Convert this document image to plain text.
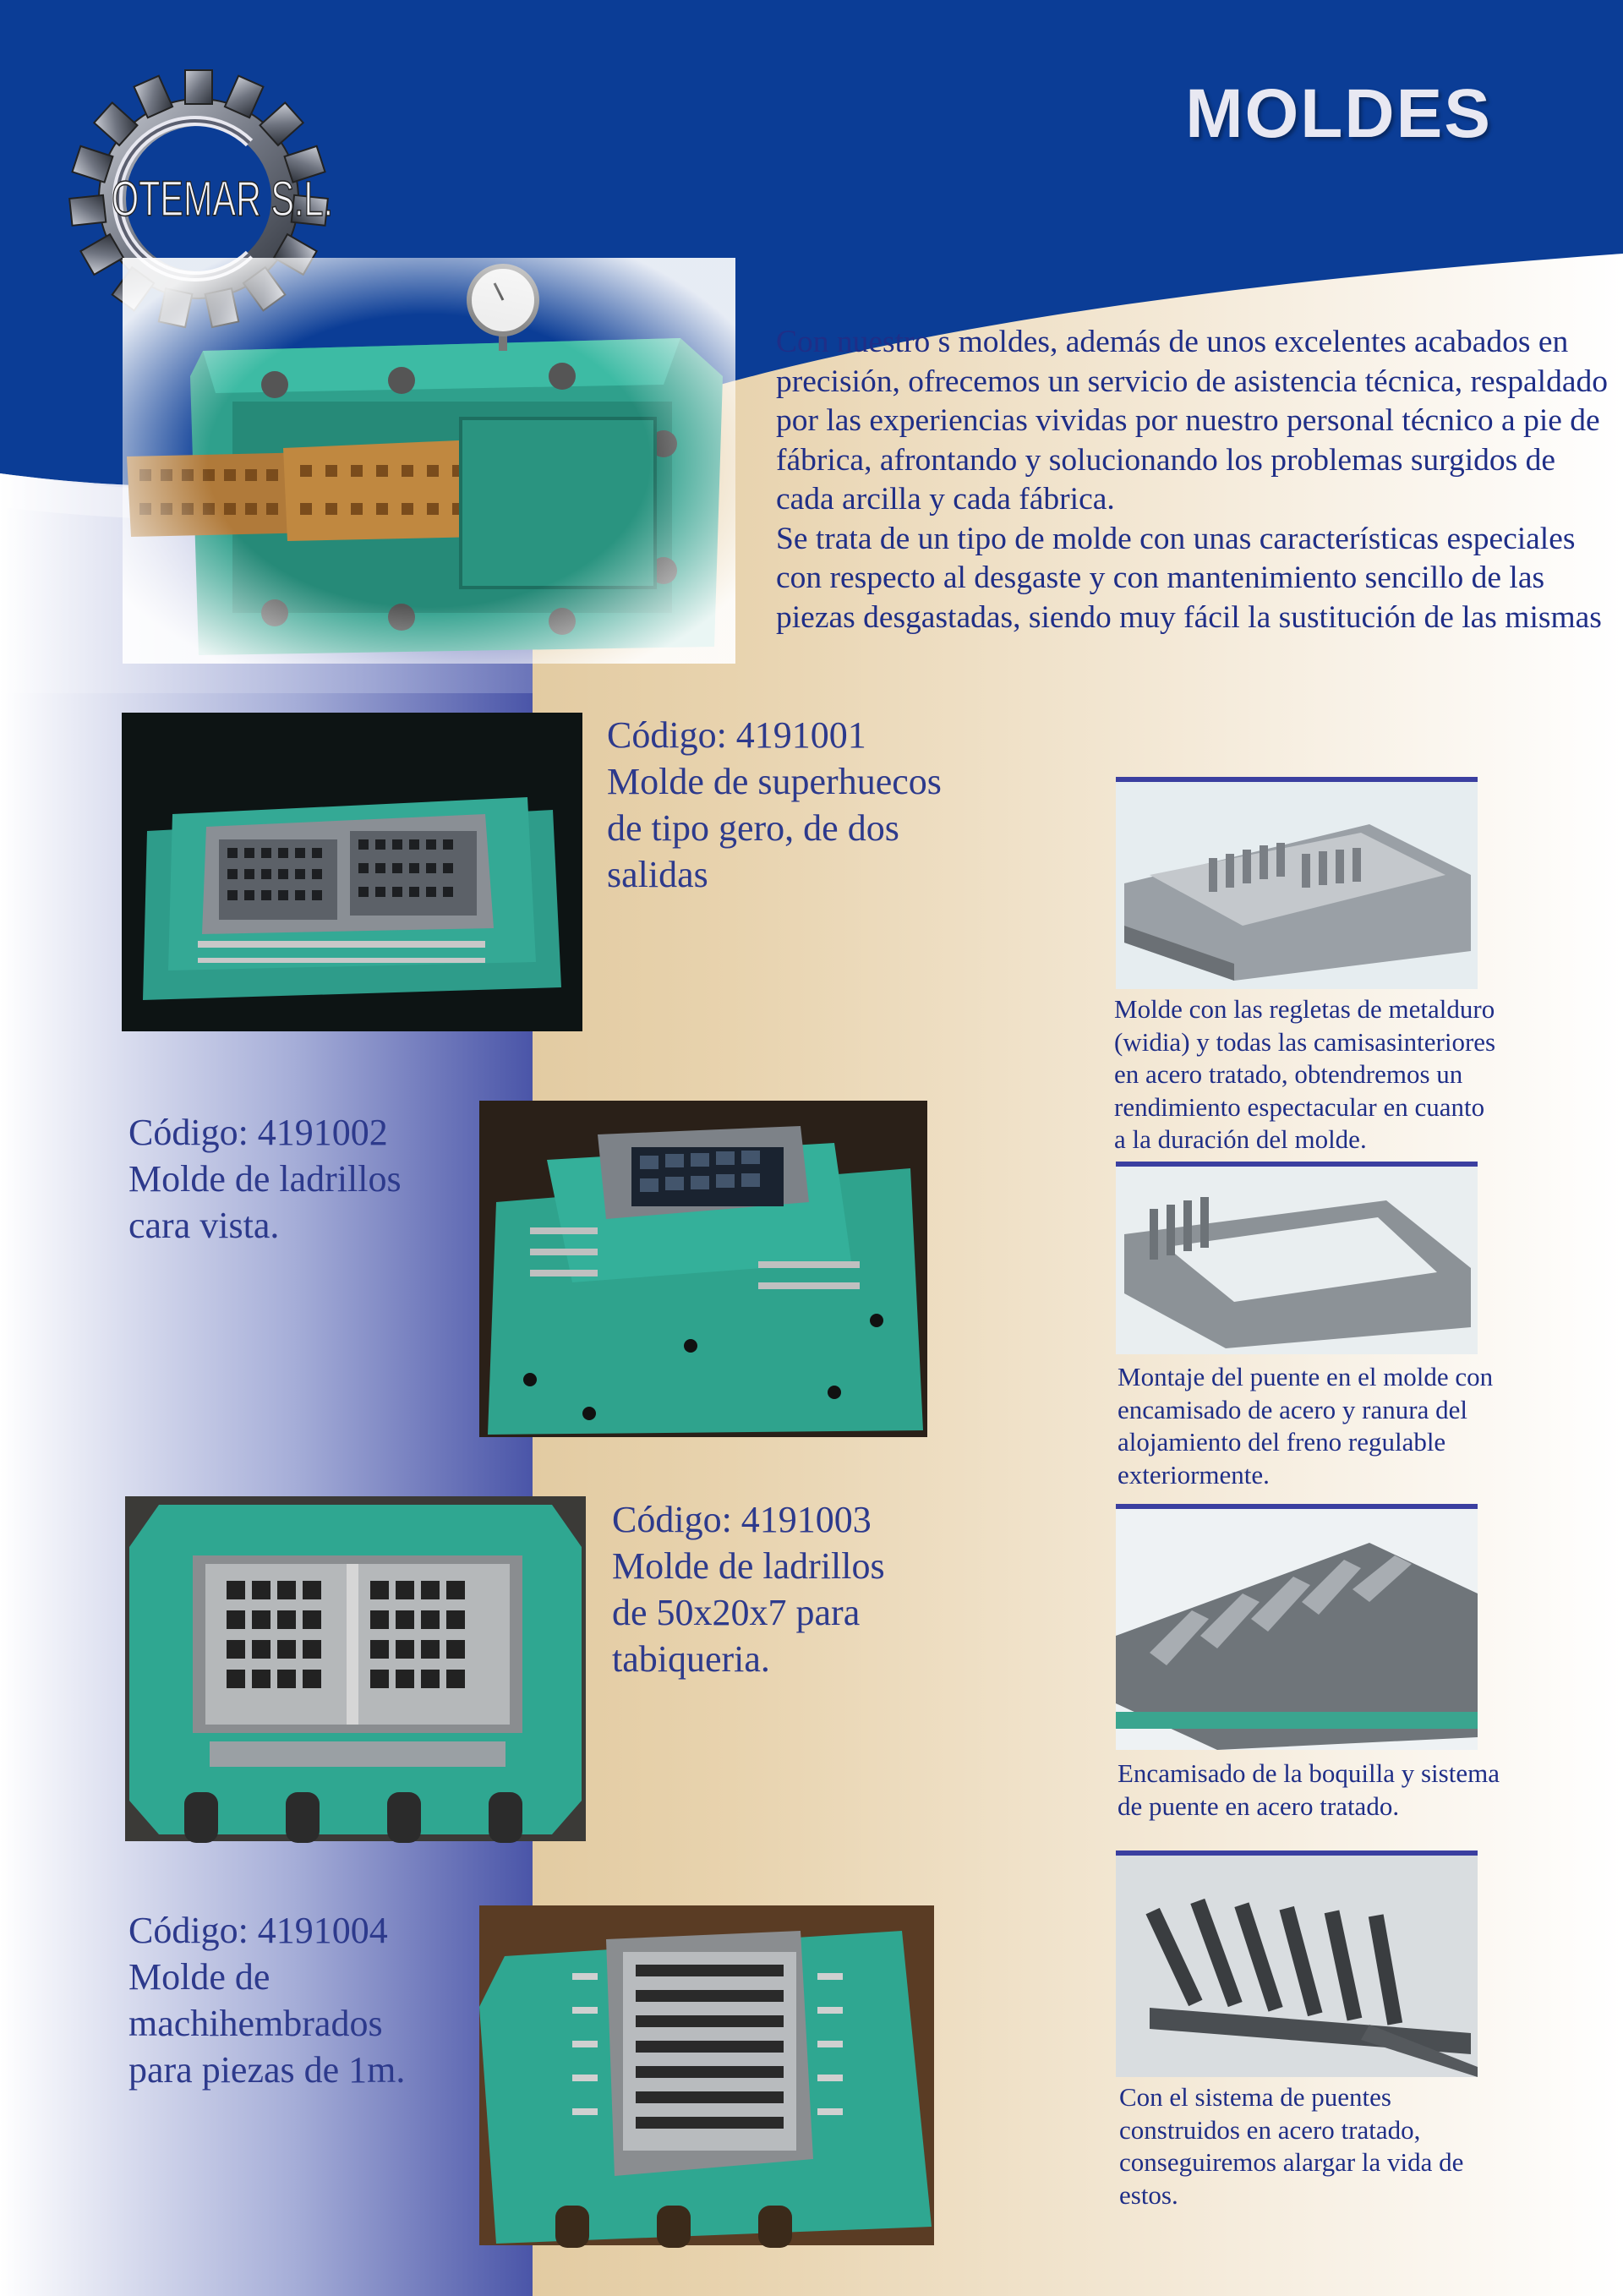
OTEMAR S.L.
MOLDES

Con nuestro s moldes, además de unos excelentes acabados en precisión, ofrecemos un servicio de asistencia técnica, respaldado por las experiencias vividas por nuestro personal técnico a pie de fábrica, afrontando y solucionando los problemas surgidos de cada arcilla y cada fábrica.

Se trata de un tipo de molde con unas características especiales con respecto al desgaste y con mantenimiento sencillo de las piezas desgastadas, siendo muy fácil la sustitución de las mismas

Código: 4191001
Molde de superhuecos
de tipo gero, de dos
salidas
Código: 4191002
Molde de ladrillos
cara vista.
Código: 4191003
Molde de ladrillos
de 50x20x7 para
tabiqueria.
Código: 4191004
Molde de
machihembrados
para piezas de 1m.
Molde con las regletas de metalduro
(widia) y todas las camisasinteriores
en acero tratado, obtendremos un
rendimiento espectacular en cuanto
a la duración del molde.
Montaje del puente en el molde con
encamisado de acero y ranura del
alojamiento del freno regulable
exteriormente.
Encamisado de la boquilla y sistema
de puente en acero tratado.
Con el sistema de puentes
construidos en acero tratado,
conseguiremos alargar la vida de
estos.
